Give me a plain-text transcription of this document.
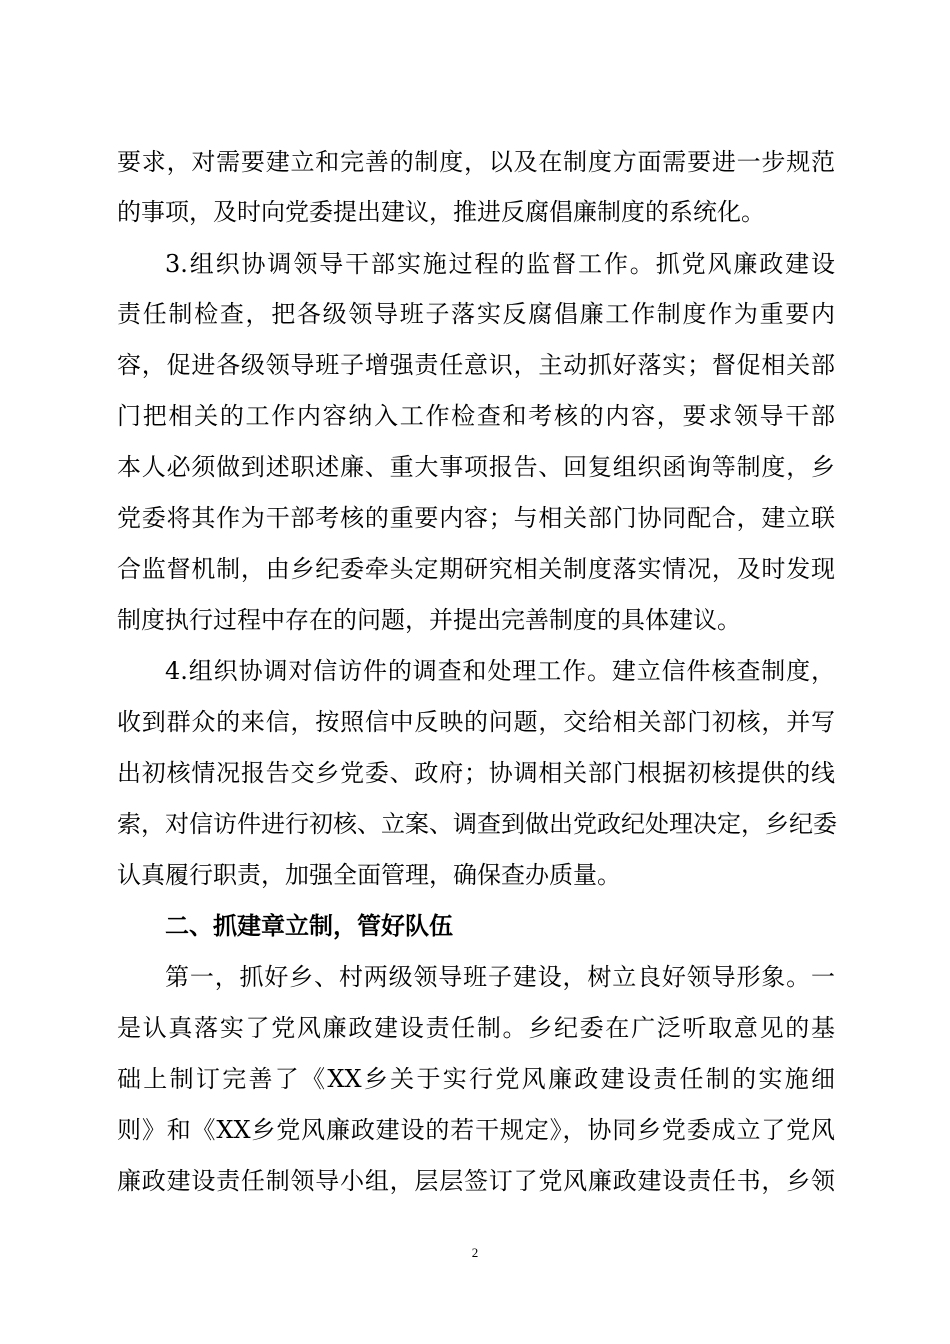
要求，对需要建立和完善的制度，以及在制度方面需要进一步规范
的事项，及时向党委提出建议，推进反腐倡廉制度的系统化。
3.组织协调领导干部实施过程的监督工作。抓党风廉政建设
责任制检查，把各级领导班子落实反腐倡廉工作制度作为重要内
容，促进各级领导班子增强责任意识，主动抓好落实；督促相关部
门把相关的工作内容纳入工作检查和考核的内容，要求领导干部
本人必须做到述职述廉、重大事项报告、回复组织函询等制度，乡
党委将其作为干部考核的重要内容；与相关部门协同配合，建立联
合监督机制，由乡纪委牵头定期研究相关制度落实情况，及时发现
制度执行过程中存在的问题，并提出完善制度的具体建议。
4.组织协调对信访件的调查和处理工作。建立信件核查制度，
收到群众的来信，按照信中反映的问题，交给相关部门初核，并写
出初核情况报告交乡党委、政府；协调相关部门根据初核提供的线
索，对信访件进行初核、立案、调查到做出党政纪处理决定，乡纪委
认真履行职责，加强全面管理，确保查办质量。
二、抓建章立制，管好队伍
第一，抓好乡、村两级领导班子建设，树立良好领导形象。一
是认真落实了党风廉政建设责任制。乡纪委在广泛听取意见的基
础上制订完善了《XX乡关于实行党风廉政建设责任制的实施细
则》和《XX乡党风廉政建设的若干规定》，协同乡党委成立了党风
廉政建设责任制领导小组，层层签订了党风廉政建设责任书，乡领
2
